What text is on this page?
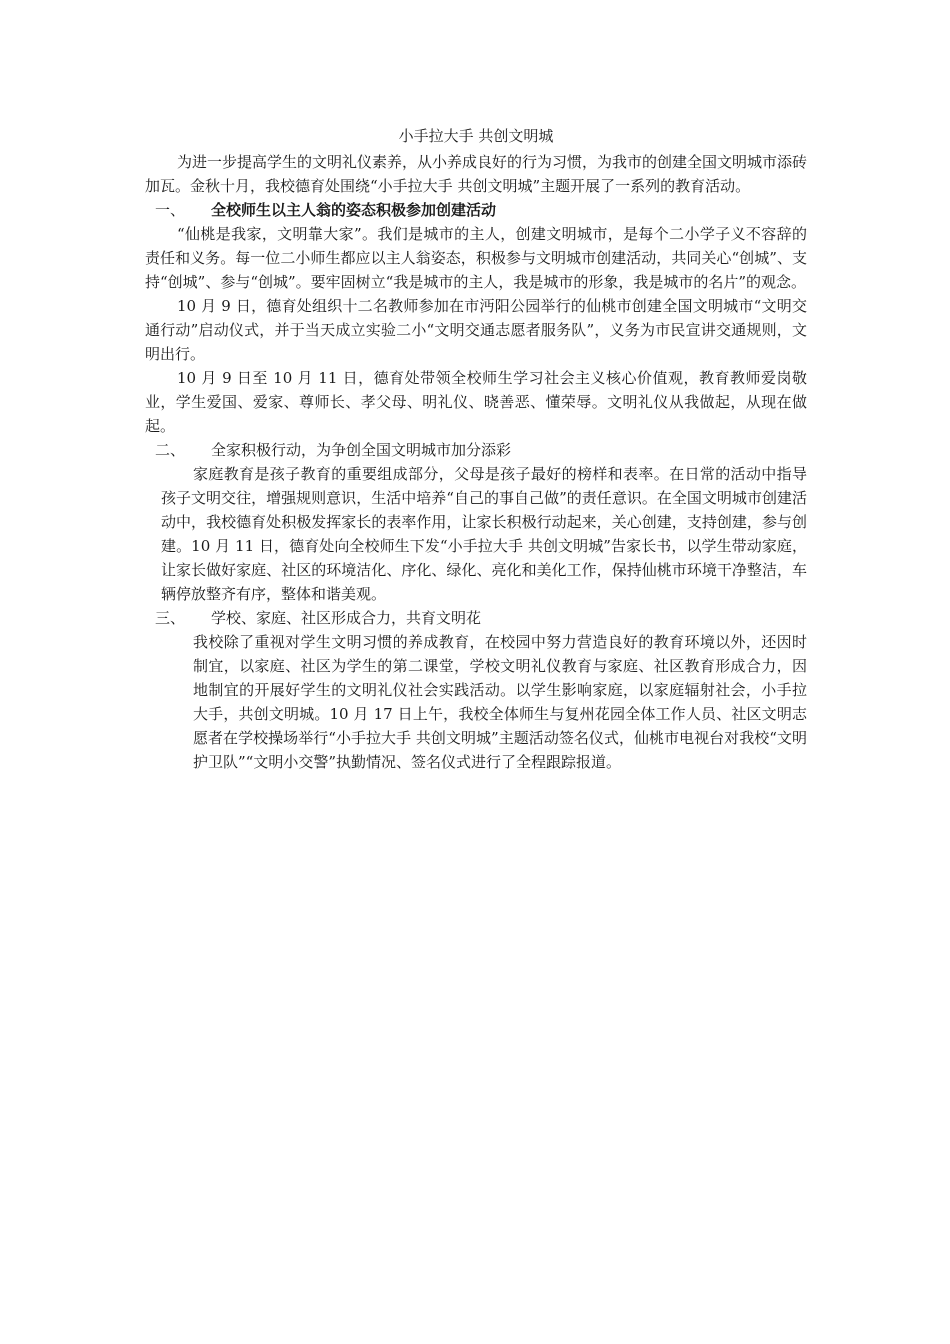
小手拉大手 共创文明城

为进一步提高学生的文明礼仪素养，从小养成良好的行为习惯，为我市的创建全国文明城市添砖加瓦。金秋十月，我校德育处围绕“小手拉大手 共创文明城”主题开展了一系列的教育活动。

一、	全校师生以主人翁的姿态积极参加创建活动

“仙桃是我家，文明靠大家”。我们是城市的主人，创建文明城市，是每个二小学子义不容辞的责任和义务。每一位二小师生都应以主人翁姿态，积极参与文明城市创建活动，共同关心“创城”、支持“创城”、参与“创城”。要牢固树立“我是城市的主人，我是城市的形象，我是城市的名片”的观念。

10 月 9 日，德育处组织十二名教师参加在市沔阳公园举行的仙桃市创建全国文明城市“文明交通行动”启动仪式，并于当天成立实验二小“文明交通志愿者服务队”，义务为市民宣讲交通规则，文明出行。

10 月 9 日至 10 月 11 日，德育处带领全校师生学习社会主义核心价值观，教育教师爱岗敬业，学生爱国、爱家、尊师长、孝父母、明礼仪、晓善恶、懂荣辱。文明礼仪从我做起，从现在做起。

二、	全家积极行动，为争创全国文明城市加分添彩

家庭教育是孩子教育的重要组成部分，父母是孩子最好的榜样和表率。在日常的活动中指导孩子文明交往，增强规则意识，生活中培养“自己的事自己做”的责任意识。在全国文明城市创建活动中，我校德育处积极发挥家长的表率作用，让家长积极行动起来，关心创建，支持创建，参与创建。10 月 11 日，德育处向全校师生下发“小手拉大手 共创文明城”告家长书，以学生带动家庭，让家长做好家庭、社区的环境洁化、序化、绿化、亮化和美化工作，保持仙桃市环境干净整洁，车辆停放整齐有序，整体和谐美观。

三、	学校、家庭、社区形成合力，共育文明花

我校除了重视对学生文明习惯的养成教育，在校园中努力营造良好的教育环境以外，还因时制宜，以家庭、社区为学生的第二课堂，学校文明礼仪教育与家庭、社区教育形成合力，因地制宜的开展好学生的文明礼仪社会实践活动。以学生影响家庭，以家庭辐射社会，小手拉大手，共创文明城。10 月 17 日上午，我校全体师生与复州花园全体工作人员、社区文明志愿者在学校操场举行“小手拉大手 共创文明城”主题活动签名仪式，仙桃市电视台对我校“文明护卫队”“文明小交警”执勤情况、签名仪式进行了全程跟踪报道。
